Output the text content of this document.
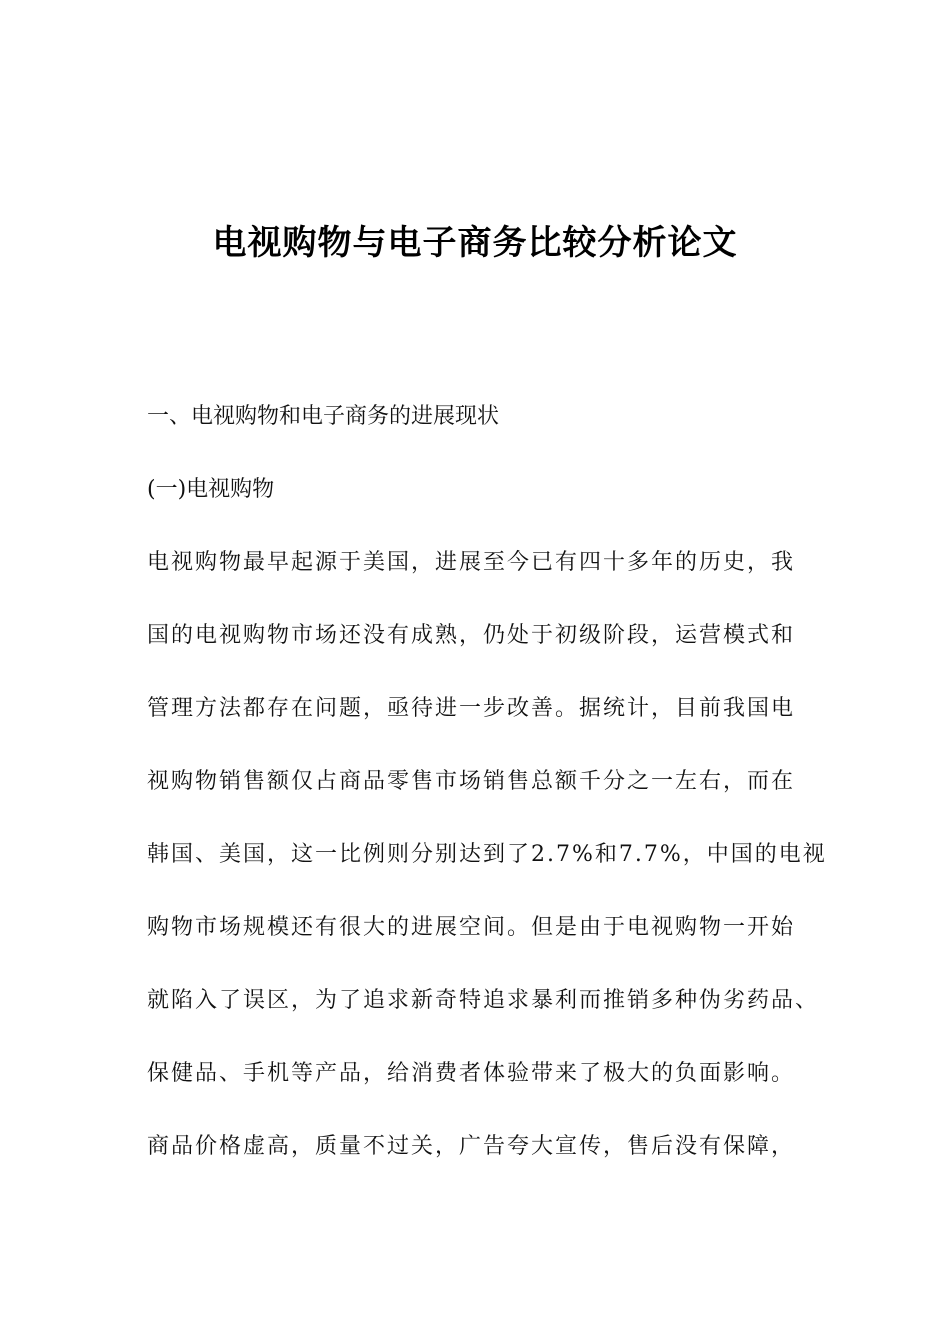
电视购物与电子商务比较分析论文

一、电视购物和电子商务的进展现状

(一)电视购物

电视购物最早起源于美国，进展至今已有四十多年的历史，我

国的电视购物市场还没有成熟，仍处于初级阶段，运营模式和

管理方法都存在问题，亟待进一步改善。据统计，目前我国电

视购物销售额仅占商品零售市场销售总额千分之一左右，而在

韩国、美国，这一比例则分别达到了2.7%和7.7%，中国的电视

购物市场规模还有很大的进展空间。但是由于电视购物一开始

就陷入了误区，为了追求新奇特追求暴利而推销多种伪劣药品、

保健品、手机等产品，给消费者体验带来了极大的负面影响。

商品价格虚高，质量不过关，广告夸大宣传，售后没有保障，
